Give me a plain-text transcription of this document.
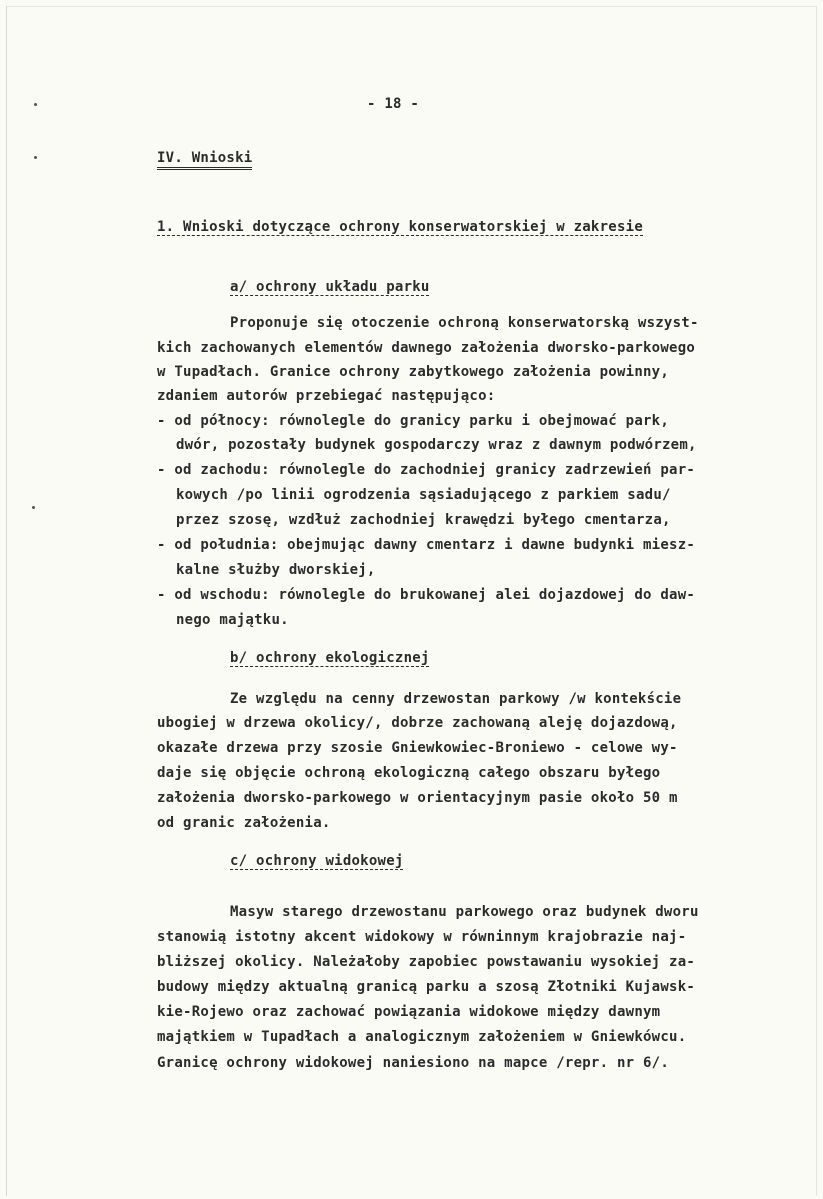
- 18 -
IV. Wnioski
1. Wnioski dotyczące ochrony konserwatorskiej w zakresie
a/ ochrony układu parku
Proponuje się otoczenie ochroną konserwatorską wszyst-
kich zachowanych elementów dawnego założenia dworsko-parkowego
w Tupadłach. Granice ochrony zabytkowego założenia powinny,
zdaniem autorów przebiegać następująco:
- od północy: równolegle do granicy parku i obejmować park,
dwór, pozostały budynek gospodarczy wraz z dawnym podwórzem,
- od zachodu: równolegle do zachodniej granicy zadrzewień par-
kowych /po linii ogrodzenia sąsiadującego z parkiem sadu/
przez szosę, wzdłuż zachodniej krawędzi byłego cmentarza,
- od południa: obejmując dawny cmentarz i dawne budynki miesz-
kalne służby dworskiej,
- od wschodu: równolegle do brukowanej alei dojazdowej do daw-
nego majątku.
b/ ochrony ekologicznej
Ze względu na cenny drzewostan parkowy /w kontekście
ubogiej w drzewa okolicy/, dobrze zachowaną aleję dojazdową,
okazałe drzewa przy szosie Gniewkowiec-Broniewo - celowe wy-
daje się objęcie ochroną ekologiczną całego obszaru byłego
założenia dworsko-parkowego w orientacyjnym pasie około 50 m
od granic założenia.
c/ ochrony widokowej
Masyw starego drzewostanu parkowego oraz budynek dworu
stanowią istotny akcent widokowy w równinnym krajobrazie naj-
bliższej okolicy. Należałoby zapobiec powstawaniu wysokiej za-
budowy między aktualną granicą parku a szosą Złotniki Kujawsk-
kie-Rojewo oraz zachować powiązania widokowe między dawnym
majątkiem w Tupadłach a analogicznym założeniem w Gniewkówcu.
Granicę ochrony widokowej naniesiono na mapce /repr. nr 6/.
